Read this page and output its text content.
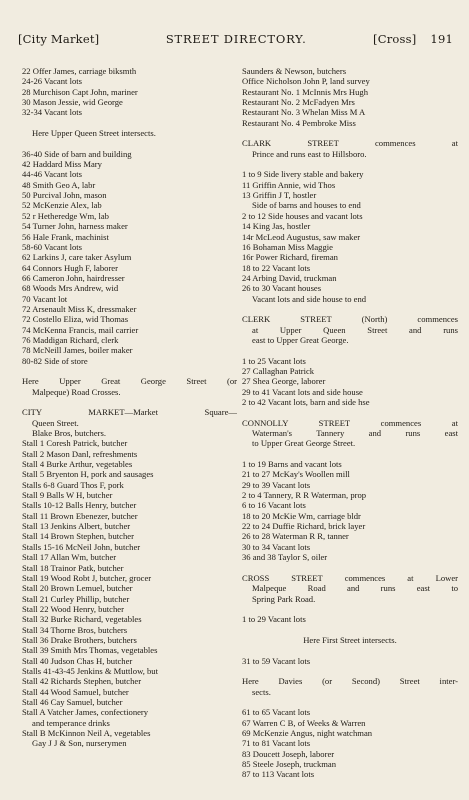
[City Market]	STREET DIRECTORY.	[Cross] 191
22 Offer James, carriage biksmth
24-26 Vacant lots
28 Murchison Capt John, mariner
30 Mason Jessie, wid George
32-34 Vacant lots
Here Upper Queen Street intersects.
36-40 Side of barn and building
42 Haddard Miss Mary
44-46 Vacant lots
48 Smith Geo A, labr
50 Purcival John, mason
52 McKenzie Alex, lab
52 r Hetheredge Wm, lab
54 Turner John, harness maker
56 Hale Frank, machinist
58-60 Vacant lots
62 Larkins J, care taker Asylum
64 Connors Hugh F, laborer
66 Cameron John, hairdresser
68 Woods Mrs Andrew, wid
70 Vacant lot
72 Arsenault Miss K, dressmaker
72 Costello Eliza, wid Thomas
74 McKenna Francis, mail carrier
76 Maddigan Richard, clerk
78 McNeill James, boiler maker
80-82 Side of store
Here Upper Great George Street (or
Malpeque) Road Crosses.
CITY MARKET—Market Square—
Queen Street.
Blake Bros, butchers.
Stall 1 Coresh Patrick, butcher
Stall 2 Mason Danl, refreshments
Stall 4 Burke Arthur, vegetables
Stall 5 Bryenton H, pork and sausages
Stalls 6-8 Guard Thos F, pork
Stall 9 Balls W H, butcher
Stalls 10-12 Balls Henry, butcher
Stall 11 Brown Ebenezer, butcher
Stall 13 Jenkins Albert, butcher
Stall 14 Brown Stephen, butcher
Stalls 15-16 McNeil John, butcher
Stall 17 Allan Wm, butcher
Stall 18 Trainor Patk, butcher
Stall 19 Wood Robt J, butcher, grocer
Stall 20 Brown Lemuel, butcher
Stall 21 Curley Phillip, butcher
Stall 22 Wood Henry, butcher
Stall 32 Burke Richard, vegetables
Stall 34 Thorne Bros, butchers
Stall 36 Drake Brothers, butchers
Stall 39 Smith Mrs Thomas, vegetables
Stall 40 Judson Chas H, butcher
Stalls 41-43-45 Jenkins & Muttlow, but
Stall 42 Richards Stephen, butcher
Stall 44 Wood Samuel, butcher
Stall 46 Cay Samuel, butcher
Stall A Vatcher James, confectionery
and temperance drinks
Stall B McKinnon Neil A, vegetables
Gay J J & Son, nurserymen
Saunders & Newson, butchers
Office Nicholson John P, land survey
Restaurant No. 1 McInnis Mrs Hugh
Restaurant No. 2 McFadyen Mrs
Restaurant No. 3 Whelan Miss M A
Restaurant No. 4 Pembroke Miss
CLARK STREET commences at
Prince and runs east to Hillsboro.
1 to 9 Side livery stable and bakery
11 Griffin Annie, wid Thos
13 Griffin J T, hostler
Side of barns and houses to end
2 to 12 Side houses and vacant lots
14 King Jas, hostler
14r McLeod Augustus, saw maker
16 Bohaman Miss Maggie
16r Power Richard, fireman
18 to 22 Vacant lots
24 Arbing David, truckman
26 to 30 Vacant houses
Vacant lots and side house to end
CLERK STREET (North) commences
at Upper Queen Street and runs
east to Upper Great George.
1 to 25 Vacant lots
27 Callaghan Patrick
27 Shea George, laborer
29 to 41 Vacant lots and side house
2 to 42 Vacant lots, barn and side hse
CONNOLLY STREET commences at
Waterman's Tannery and runs east
to Upper Great George Street.
1 to 19 Barns and vacant lots
21 to 27 McKay's Woollen mill
29 to 39 Vacant lots
2 to 4 Tannery, R R Waterman, prop
6 to 16 Vacant lots
18 to 20 McKie Wm, carriage bldr
22 to 24 Duffie Richard, brick layer
26 to 28 Waterman R R, tanner
30 to 34 Vacant lots
36 and 38 Taylor S, oiler
CROSS STREET commences at Lower
Malpeque Road and runs east to
Spring Park Road.
1 to 29 Vacant lots
Here First Street intersects.
31 to 59 Vacant lots
Here Davies (or Second) Street inter-
sects.
61 to 65 Vacant lots
67 Warren C B, of Weeks & Warren
69 McKenzie Angus, night watchman
71 to 81 Vacant lots
83 Doucett Joseph, laborer
85 Steele Joseph, truckman
87 to 113 Vacant lots
